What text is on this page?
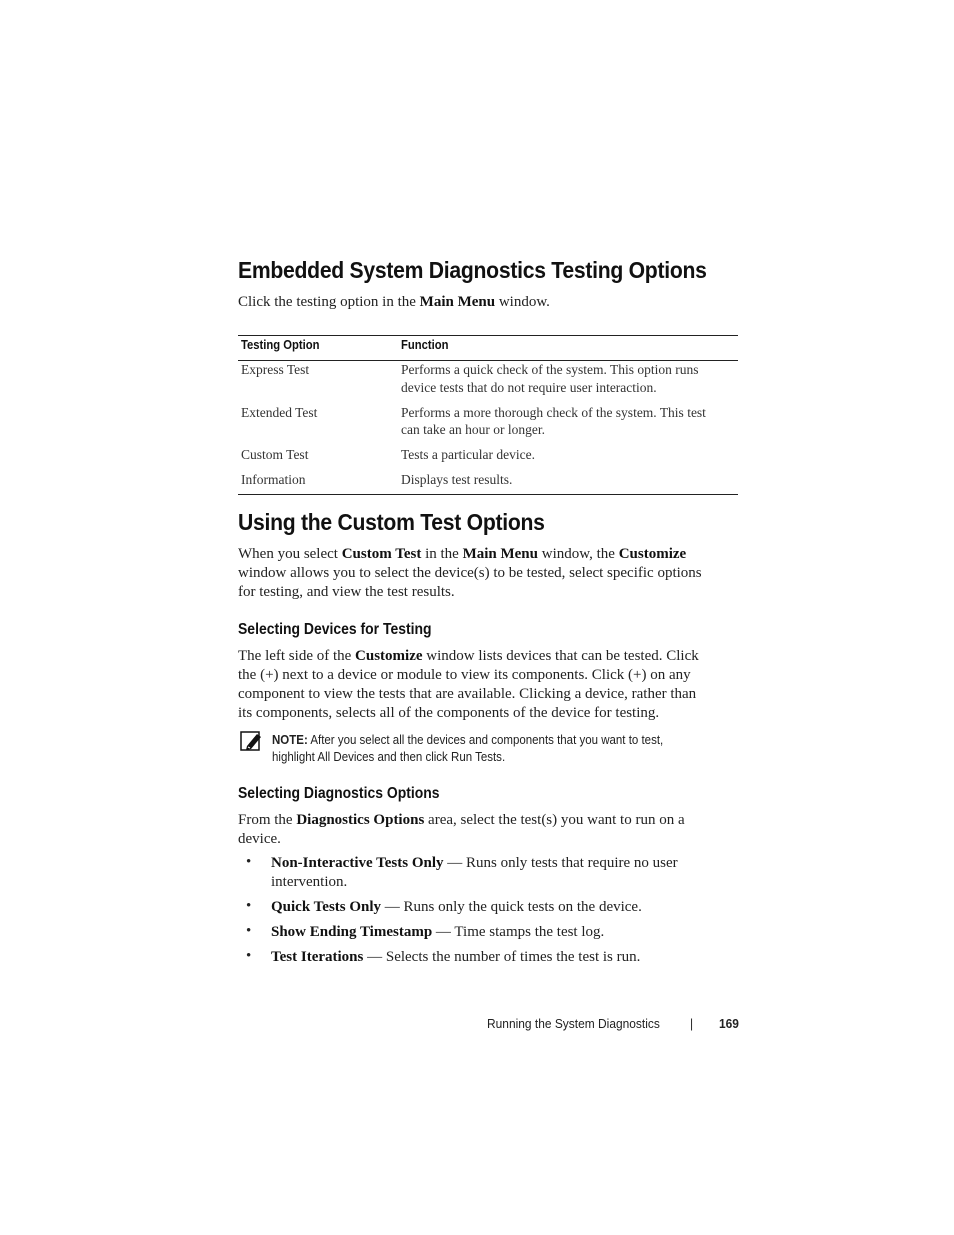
Embedded System Diagnostics Testing Options
Click the testing option in the Main Menu window.
Testing Option	Function
Express Test	Performs a quick check of the system. This option runs
device tests that do not require user interaction.
Extended Test	Performs a more thorough check of the system. This test
can take an hour or longer.
Custom Test	Tests a particular device.
Information	Displays test results.
Using the Custom Test Options
When you select Custom Test in the Main Menu window, the Customize
window allows you to select the device(s) to be tested, select specific options
for testing, and view the test results.
Selecting Devices for Testing
The left side of the Customize window lists devices that can be tested. Click
the (+) next to a device or module to view its components. Click (+) on any
component to view the tests that are available. Clicking a device, rather than
its components, selects all of the components of the device for testing.
NOTE: After you select all the devices and components that you want to test,
highlight All Devices and then click Run Tests.
Selecting Diagnostics Options
From the Diagnostics Options area, select the test(s) you want to run on a
device.
• Non-Interactive Tests Only — Runs only tests that require no user
intervention.
• Quick Tests Only — Runs only the quick tests on the device.
• Show Ending Timestamp — Time stamps the test log.
• Test Iterations — Selects the number of times the test is run.
Running the System Diagnostics | 169
